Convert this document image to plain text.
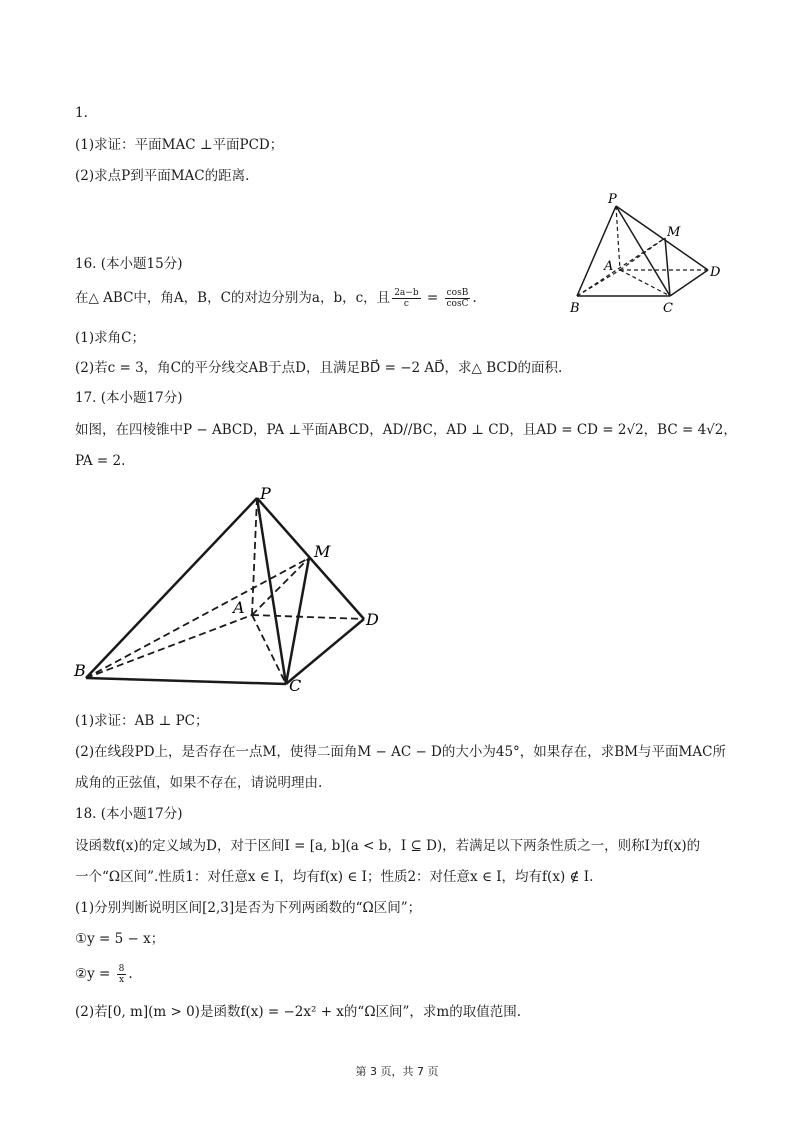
1.
(1)求证：平面MAC ⊥平面PCD；
(2)求点P到平面MAC的距离.
16. (本小题15分)
在△ ABC中，角A，B，C的对边分别为a，b，c，且 $\frac{2a-b}{c} = \frac{\cos B}{\cos C}$ .
(1)求角C；
(2)若c = 3，角C的平分线交AB于点D，且满足BD⃗ = −2 AD⃗，求△ BCD的面积.
17. (本小题17分)
如图，在四棱锥中P − ABCD，PA ⊥平面ABCD，AD//BC，AD ⊥ CD，且AD = CD = 2√2，BC = 4√2，
PA = 2.
(1)求证：AB ⊥ PC；
(2)在线段PD上，是否存在一点M，使得二面角M − AC − D的大小为45°，如果存在，求BM与平面MAC所
成角的正弦值，如果不存在，请说明理由.
18. (本小题17分)
设函数f(x)的定义域为D，对于区间I = [a, b](a < b，I ⊆ D)，若满足以下两条性质之一，则称I为f(x)的
一个“Ω区间”.性质1：对任意x ∈ I，均有f(x) ∈ I；性质2：对任意x ∈ I，均有f(x) ∉ I.
(1)分别判断说明区间[2,3]是否为下列两函数的“Ω区间”；
①y = 5 − x；
②y = $\frac{8}{x}$ .
(2)若[0, m](m > 0)是函数f(x) = −2x² + x的“Ω区间”，求m的取值范围.
P
M
A	D
B	C
P
M
A
D
B
C
第 3 页，共 7 页
